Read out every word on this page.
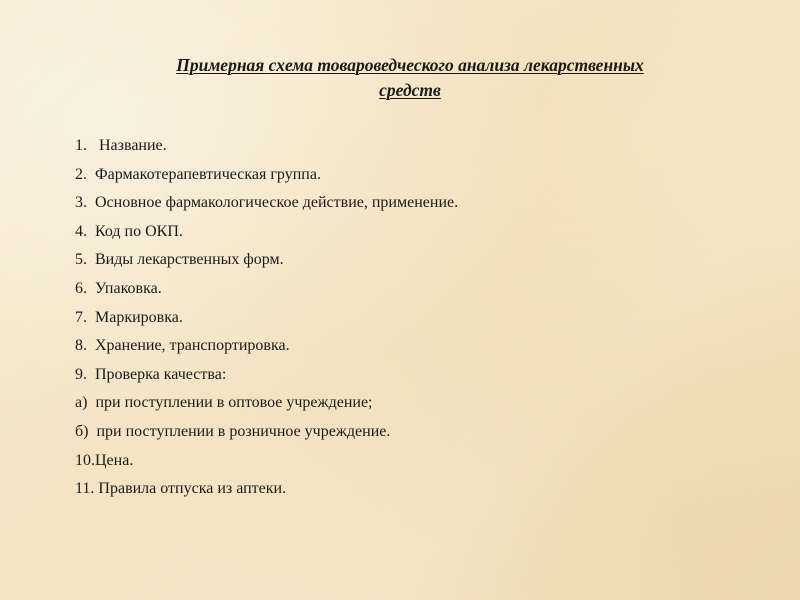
Примерная схема товароведческого анализа лекарственных
средств
1.   Название.
2.  Фармакотерапевтическая группа.
3.  Основное фармакологическое действие, применение.
4.  Код по ОКП.
5.  Виды лекарственных форм.
6.  Упаковка.
7.  Маркировка.
8.  Хранение, транспортировка.
9.  Проверка качества:
а)  при поступлении в оптовое учреждение;
б)  при поступлении в розничное учреждение.
10.Цена.
11. Правила отпуска из аптеки.
